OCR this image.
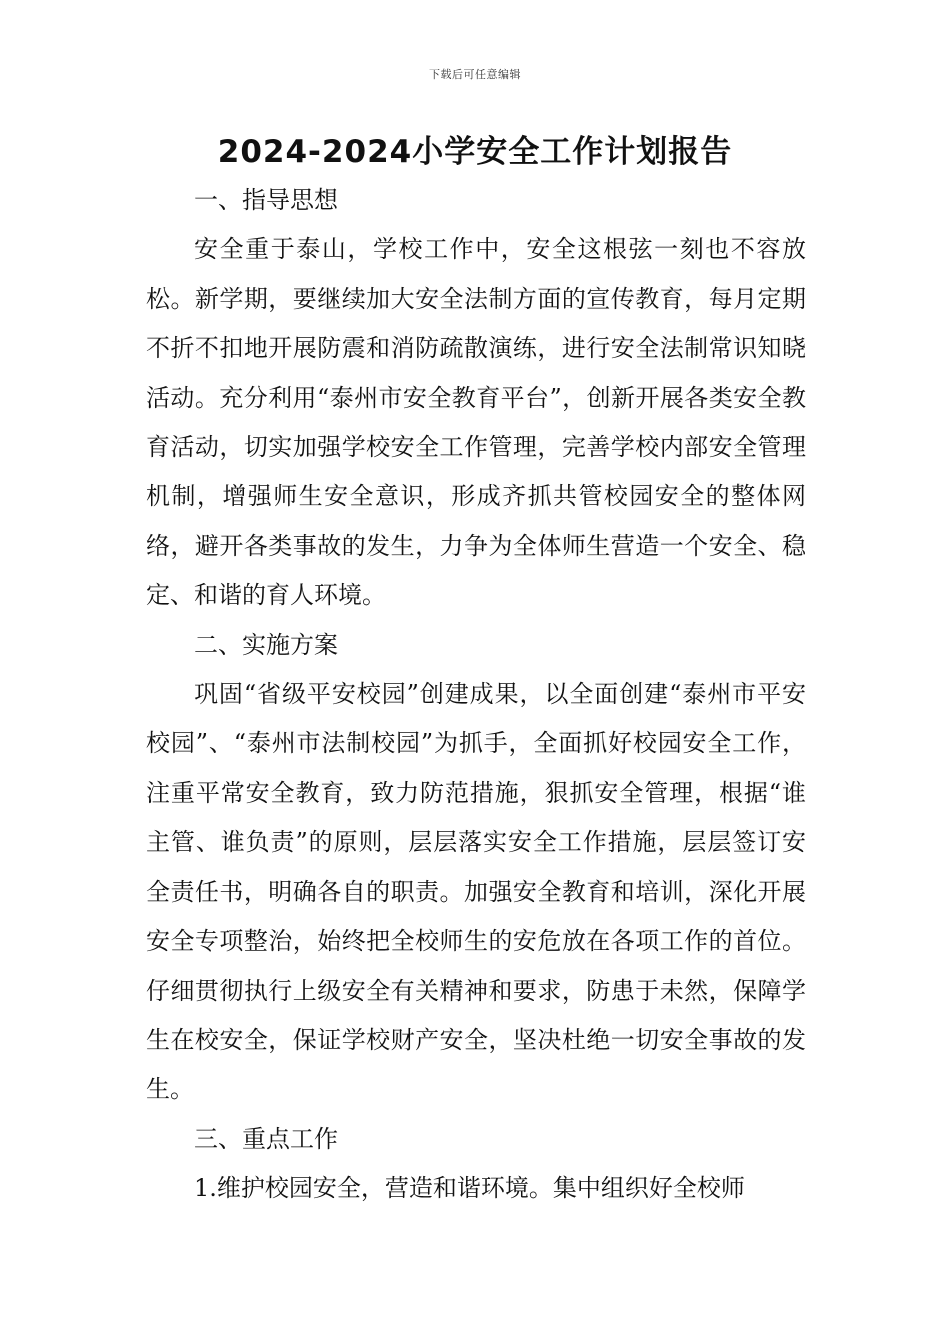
下载后可任意编辑
2024-2024小学安全工作计划报告
一、指导思想

安全重于泰山，学校工作中，安全这根弦一刻也不容放松。新学期，要继续加大安全法制方面的宣传教育，每月定期不折不扣地开展防震和消防疏散演练，进行安全法制常识知晓活动。充分利用“泰州市安全教育平台”，创新开展各类安全教育活动，切实加强学校安全工作管理，完善学校内部安全管理机制，增强师生安全意识，形成齐抓共管校园安全的整体网络，避开各类事故的发生，力争为全体师生营造一个安全、稳定、和谐的育人环境。

二、实施方案

巩固“省级平安校园”创建成果，以全面创建“泰州市平安校园”、“泰州市法制校园”为抓手，全面抓好校园安全工作，注重平常安全教育，致力防范措施，狠抓安全管理，根据“谁主管、谁负责”的原则，层层落实安全工作措施，层层签订安全责任书，明确各自的职责。加强安全教育和培训，深化开展安全专项整治，始终把全校师生的安危放在各项工作的首位。仔细贯彻执行上级安全有关精神和要求，防患于未然，保障学生在校安全，保证学校财产安全，坚决杜绝一切安全事故的发生。

三、重点工作

1.维护校园安全，营造和谐环境。集中组织好全校师
